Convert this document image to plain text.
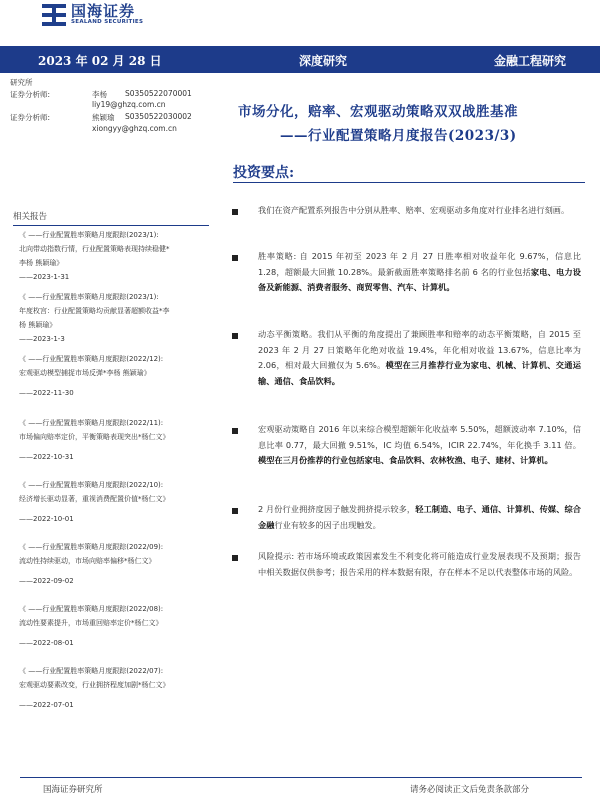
国海证券
SEALAND SECURITIES
2023 年 02 月 28 日	深度研究	金融工程研究
研究所
证券分析师:	李杨 S0350522070001
liy19@ghzq.com.cn
证券分析师:	熊颖瑜 S0350522030002
xiongyy@ghzq.com.cn
相关报告
《 ——行业配置胜率策略月度跟踪(2023/1):
北向带动指数行情，行业配置策略表现持续稳健*
李杨 熊颖瑜》
——2023-1-31
《 ——行业配置胜率策略月度跟踪(2023/1):
年度枚宫：行业配置策略均贡献显著超额收益*李
杨 熊颖瑜》
——2023-1-3
《 ——行业配置胜率策略月度跟踪(2022/12):
宏观驱动模型捕捉市场反弹*李杨 熊颖瑜》
——2022-11-30
《 ——行业配置胜率策略月度跟踪(2022/11):
市场偏向赔率定价，平衡策略表现突出*杨仁文》
——2022-10-31
《 ——行业配置胜率策略月度跟踪(2022/10):
经济增长驱动显著，重视消费配置价值*杨仁文》
——2022-10-01
《 ——行业配置胜率策略月度跟踪(2022/09):
流动性持续驱动，市场向赔率偏移*杨仁文》
——2022-09-02
《 ——行业配置胜率策略月度跟踪(2022/08):
流动性要素提升，市场重回赔率定价*杨仁文》
——2022-08-01
《 ——行业配置胜率策略月度跟踪(2022/07):
宏观驱动要素改变，行业拥挤程度加剧*杨仁文》
——2022-07-01
市场分化，赔率、宏观驱动策略双双战胜基准
——行业配置策略月度报告(2023/3)
投资要点:
我们在资产配置系列报告中分别从胜率、赔率、宏观驱动多角度对行业排名进行刻画。
胜率策略: 自 2015 年初至 2023 年 2 月 27 日胜率相对收益年化 9.67%，信息比 1.28，超额最大回撤 10.28%。最新截面胜率策略排名前 6 名的行业包括家电、电力设备及新能源、消费者服务、商贸零售、汽车、计算机。
动态平衡策略。我们从平衡的角度提出了兼顾胜率和赔率的动态平衡策略，自 2015 至 2023 年 2 月 27 日策略年化绝对收益 19.4%，年化相对收益 13.67%，信息比率为 2.06，相对最大回撤仅为 5.6%。模型在三月推荐行业为家电、机械、计算机、交通运输、通信、食品饮料。
宏观驱动策略自 2016 年以来综合模型超额年化收益率 5.50%，超额波动率 7.10%，信息比率 0.77，最大回撤 9.51%，IC 均值 6.54%，ICIR 22.74%，年化换手 3.11 倍。模型在三月份推荐的行业包括家电、食品饮料、农林牧渔、电子、建材、计算机。
2 月份行业拥挤度因子触发拥挤提示较多，轻工制造、电子、通信、计算机、传媒、综合金融行业有较多的因子出现触发。
风险提示: 若市场环境或政策因素发生不利变化将可能造成行业发展表现不及预期；报告中相关数据仅供参考；报告采用的样本数据有限，存在样本不足以代表整体市场的风险。
国海证券研究所	请务必阅读正文后免责条款部分
